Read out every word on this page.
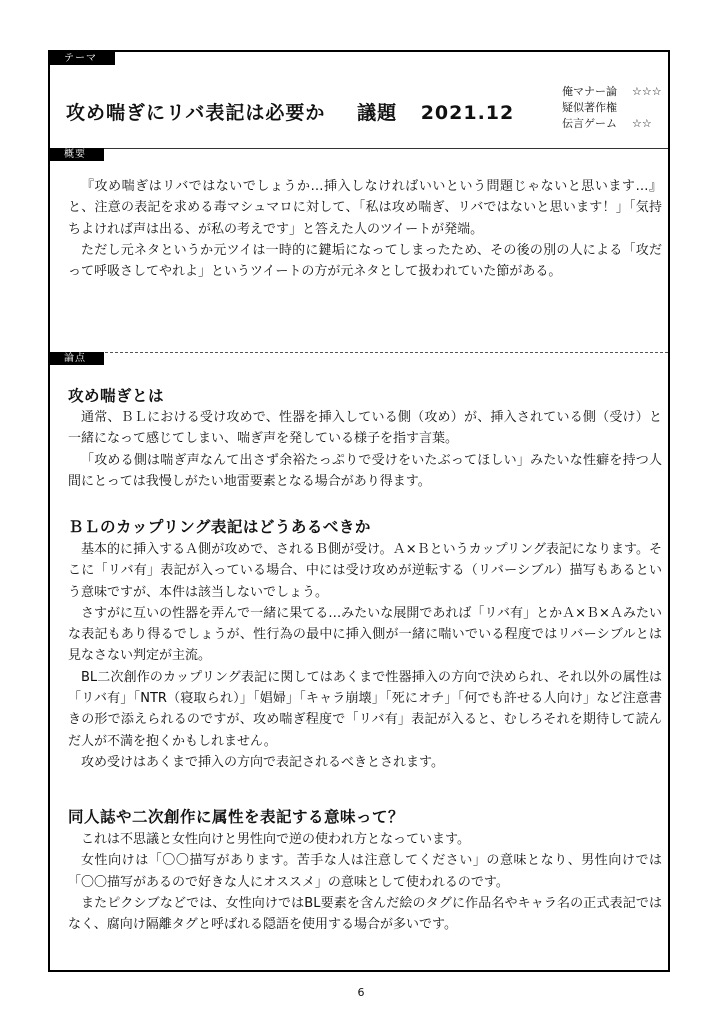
テーマ
攻め喘ぎにリバ表記は必要か 議題 2021.12
俺マナー論	☆☆☆
疑似著作権
伝言ゲーム	☆☆
概要

『攻め喘ぎはリバではないでしょうか…挿入しなければいいという問題じゃないと思います…』と、注意の表記を求める毒マシュマロに対して、「私は攻め喘ぎ、リバではないと思います！」「気持ちよければ声は出る、が私の考えです」と答えた人のツイートが発端。

ただし元ネタというか元ツイは一時的に鍵垢になってしまったため、その後の別の人による「攻だって呼吸さしてやれよ」というツイートの方が元ネタとして扱われていた節がある。

論点
攻め喘ぎとは

通常、ＢＬにおける受け攻めで、性器を挿入している側（攻め）が、挿入されている側（受け）と一緒になって感じてしまい、喘ぎ声を発している様子を指す言葉。

「攻める側は喘ぎ声なんて出さず余裕たっぷりで受けをいたぶってほしい」みたいな性癖を持つ人間にとっては我慢しがたい地雷要素となる場合があり得ます。

ＢＬのカップリング表記はどうあるべきか

基本的に挿入するＡ側が攻めで、されるＢ側が受け。Ａ×Ｂというカップリング表記になります。そこに「リバ有」表記が入っている場合、中には受け攻めが逆転する（リバーシブル）描写もあるという意味ですが、本件は該当しないでしょう。

さすがに互いの性器を弄んで一緒に果てる…みたいな展開であれば「リバ有」とかＡ×Ｂ×Ａみたいな表記もあり得るでしょうが、性行為の最中に挿入側が一緒に喘いでいる程度ではリバーシブルとは見なさない判定が主流。

BL二次創作のカップリング表記に関してはあくまで性器挿入の方向で決められ、それ以外の属性は「リバ有」「NTR（寝取られ）」「娼婦」「キャラ崩壊」「死にオチ」「何でも許せる人向け」など注意書きの形で添えられるのですが、攻め喘ぎ程度で「リバ有」表記が入ると、むしろそれを期待して読んだ人が不満を抱くかもしれません。

攻め受けはあくまで挿入の方向で表記されるべきとされます。

同人誌や二次創作に属性を表記する意味って？

これは不思議と女性向けと男性向で逆の使われ方となっています。

女性向けは「〇〇描写があります。苦手な人は注意してください」の意味となり、男性向けでは「〇〇描写があるので好きな人にオススメ」の意味として使われるのです。

またピクシブなどでは、女性向けではBL要素を含んだ絵のタグに作品名やキャラ名の正式表記ではなく、腐向け隔離タグと呼ばれる隠語を使用する場合が多いです。

6
